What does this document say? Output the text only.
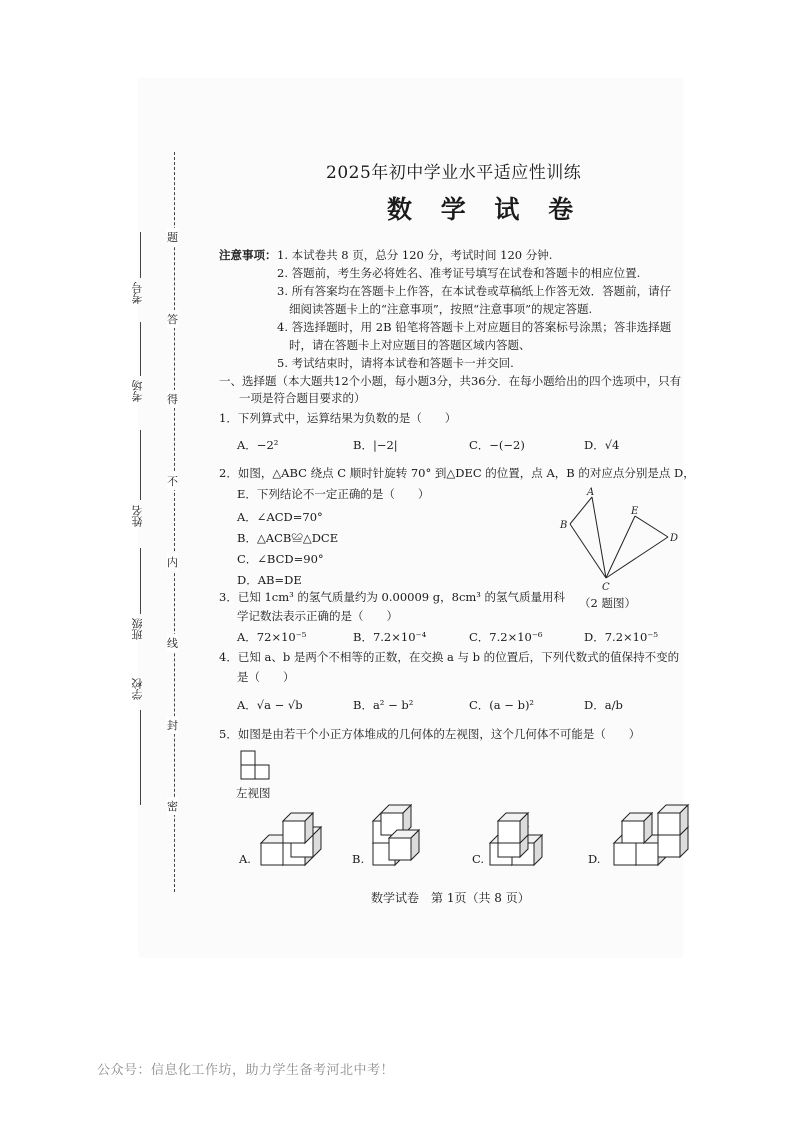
题
答
得
不
内
线
封
密
考号
考场
姓名
班级
学校
2025年初中学业水平适应性训练
数 学 试 卷
注意事项： 1. 本试卷共 8 页，总分 120 分，考试时间 120 分钟.
2. 答题前，考生务必将姓名、准考证号填写在试卷和答题卡的相应位置.
3. 所有答案均在答题卡上作答，在本试卷或草稿纸上作答无效．答题前，请仔
细阅读答题卡上的“注意事项”，按照“注意事项”的规定答题.
4. 答选择题时，用 2B 铅笔将答题卡上对应题目的答案标号涂黑；答非选择题
时，请在答题卡上对应题目的答题区域内答题、
5. 考试结束时，请将本试卷和答题卡一并交回.
一、选择题（本大题共12个小题，每小题3分，共36分．在每小题给出的四个选项中，只有
一项是符合题目要求的）
1．下列算式中，运算结果为负数的是（　　）
A．−2²	B．|−2|	C．−(−2)	D．√4
2．如图，△ABC 绕点 C 顺时针旋转 70° 到△DEC 的位置，点 A，B 的对应点分别是点 D，
E．下列结论不一定正确的是（　　）
A．∠ACD=70°
B．△ACB≌△DCE
C．∠BCD=90°
D．AB=DE
A
B
E
D
C
（2 题图）
3．已知 1cm³ 的氢气质量约为 0.00009 g，8cm³ 的氢气质量用科
学记数法表示正确的是（　　）
A．72×10⁻⁵	B．7.2×10⁻⁴	C．7.2×10⁻⁶	D．7.2×10⁻⁵
4．已知 a、b 是两个不相等的正数，在交换 a 与 b 的位置后，下列代数式的值保持不变的
是（　　）
A．√a − √b	B．a² − b²	C．(a − b)²	D．a/b
5．如图是由若干个小正方体堆成的几何体的左视图，这个几何体不可能是（　　）
左视图
A.	B.	C.	D.
数学试卷　第 1页（共 8 页）
公众号：信息化工作坊，助力学生备考河北中考！
